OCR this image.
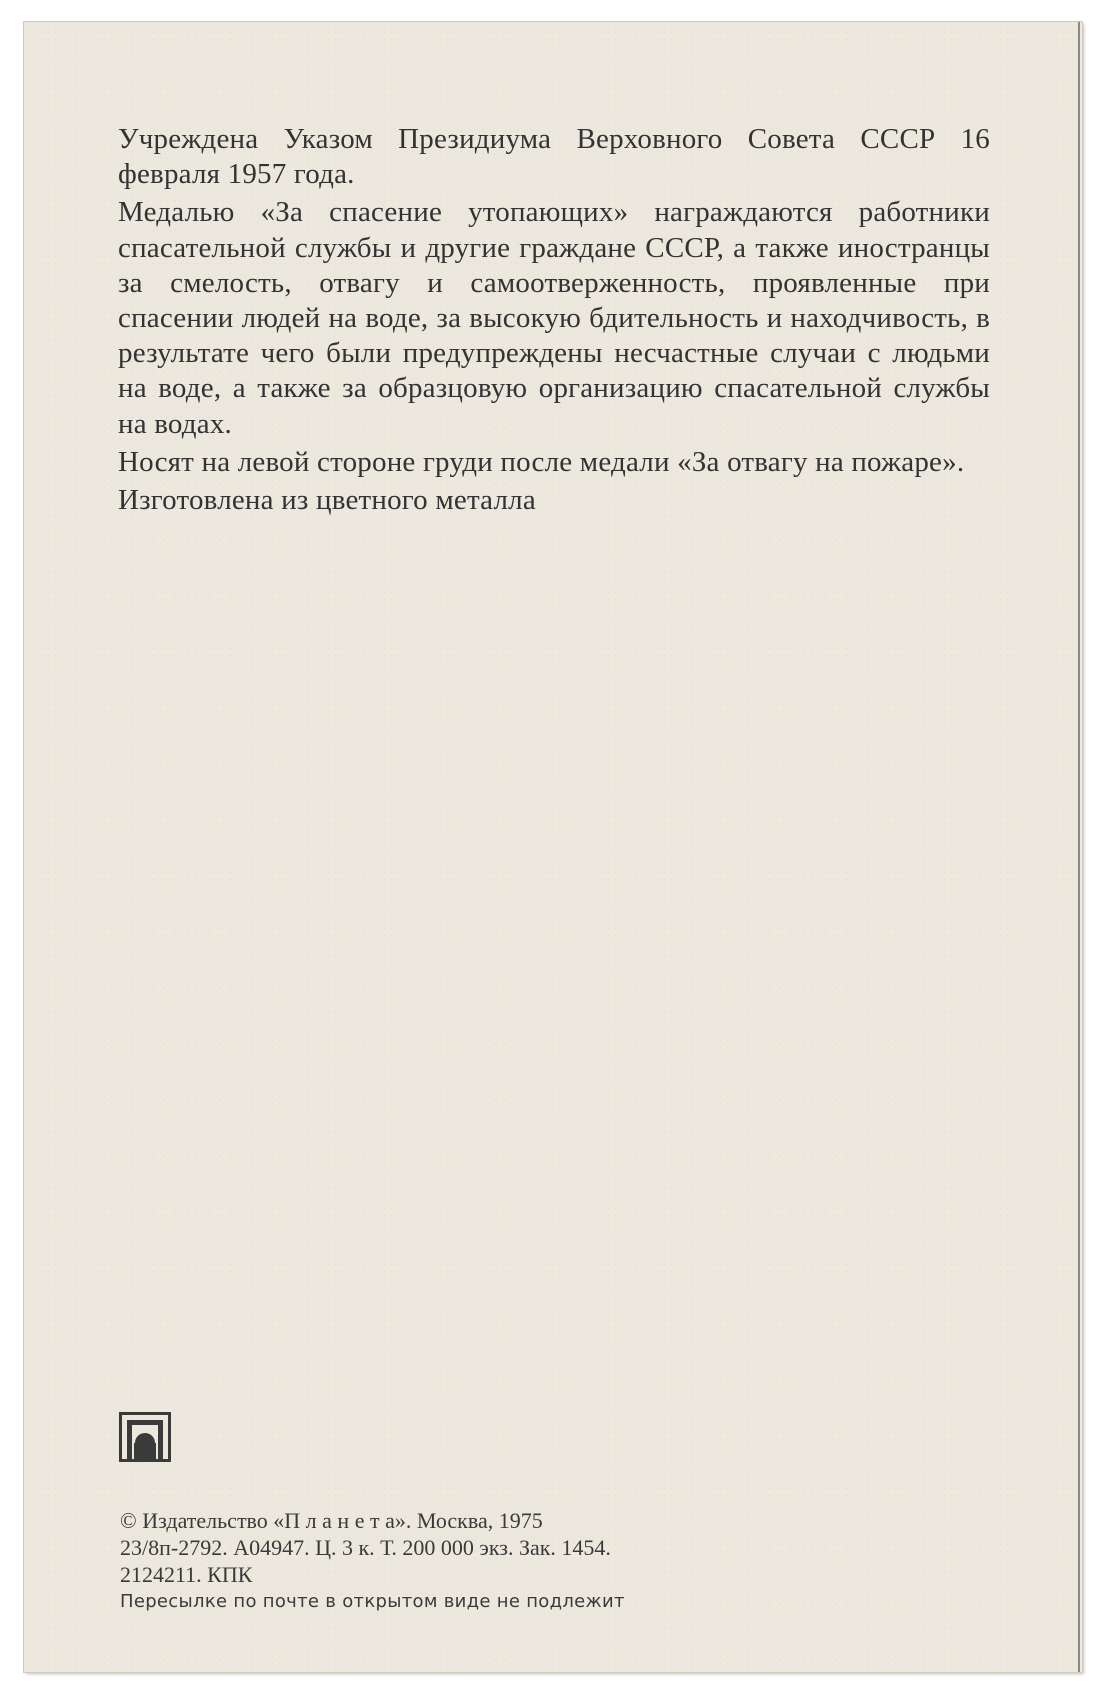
Учреждена Указом Президиума Верховного Совета СССР 16 февраля 1957 года.

Медалью «За спасение утопающих» награждаются работники спасательной службы и другие граждане СССР, а также иностранцы за смелость, отвагу и самоотверженность, проявленные при спасении людей на воде, за высокую бдительность и находчивость, в результате чего были предупреждены несчастные случаи с людьми на воде, а также за образцовую организацию спасательной службы на водах.

Носят на левой стороне груди после медали «За отвагу на пожаре».

Изготовлена из цветного металла

© Издательство «П л а н е т а». Москва, 1975
23/8п-2792. А04947. Ц. 3 к. Т. 200 000 экз. Зак. 1454.
2124211. КПК
Пересылке по почте в открытом виде не подлежит
